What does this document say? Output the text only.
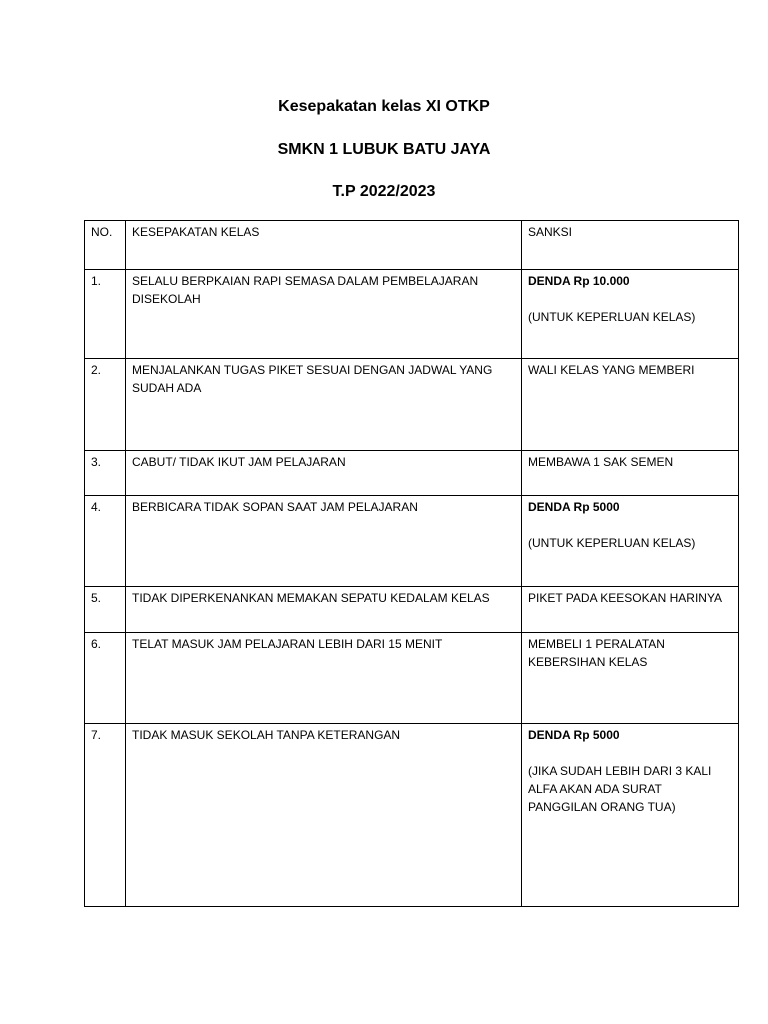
Kesepakatan kelas XI OTKP
SMKN 1 LUBUK BATU JAYA
T.P 2022/2023
NO.	KESEPAKATAN KELAS	SANKSI
1.	SELALU BERPKAIAN RAPI SEMASA DALAM PEMBELAJARAN DISEKOLAH	DENDA Rp 10.000
(UNTUK KEPERLUAN KELAS)

2.	MENJALANKAN TUGAS PIKET SESUAI DENGAN JADWAL YANG SUDAH ADA	WALI KELAS YANG MEMBERI

3.	CABUT/ TIDAK IKUT JAM PELAJARAN	MEMBAWA 1 SAK SEMEN

4.	BERBICARA TIDAK SOPAN SAAT JAM PELAJARAN	DENDA Rp 5000
(UNTUK KEPERLUAN KELAS)

5.	TIDAK DIPERKENANKAN MEMAKAN SEPATU KEDALAM KELAS	PIKET PADA KEESOKAN HARINYA

6.	TELAT MASUK JAM PELAJARAN LEBIH DARI 15 MENIT	MEMBELI 1 PERALATAN KEBERSIHAN KELAS

7.	TIDAK MASUK SEKOLAH TANPA KETERANGAN	DENDA Rp 5000
(JIKA SUDAH LEBIH DARI 3 KALI ALFA AKAN ADA SURAT PANGGILAN ORANG TUA)
